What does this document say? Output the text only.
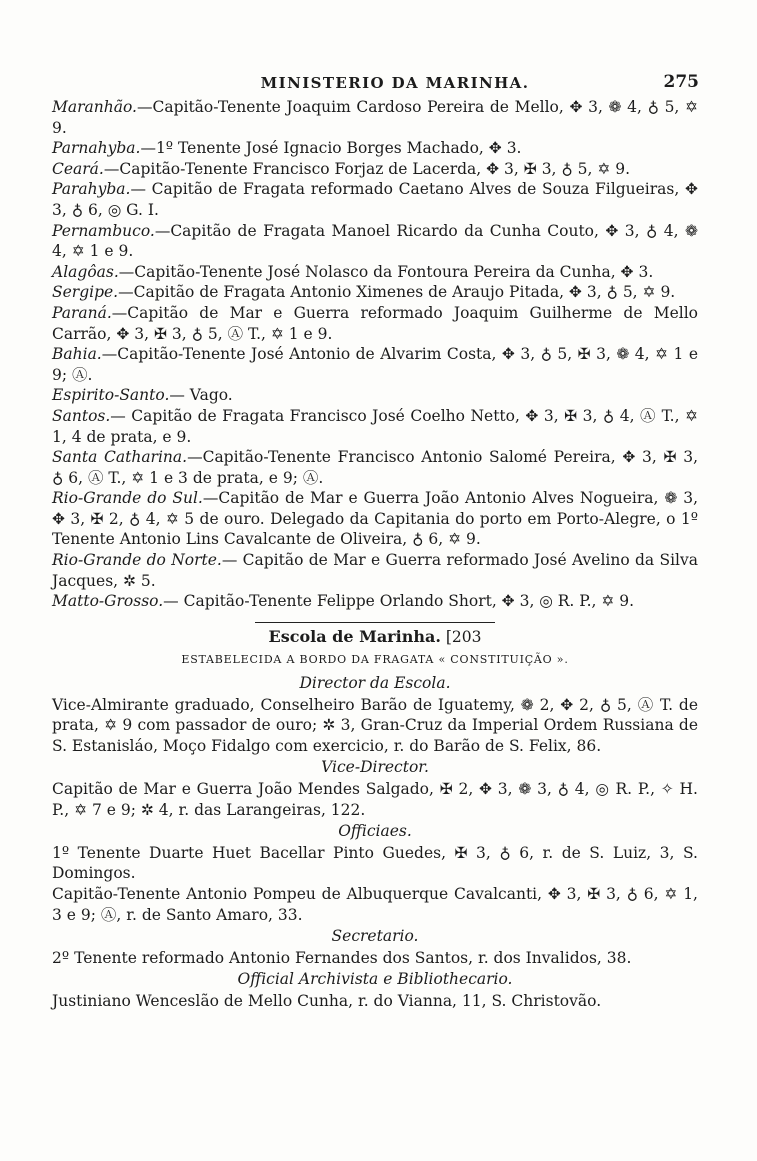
MINISTERIO DA MARINHA.	275

Maranhão.—Capitão-Tenente Joaquim Cardoso Pereira de Mello, ✥ 3, ❁ 4, ♁ 5, ✡ 9.

Parnahyba.—1º Tenente José Ignacio Borges Machado, ✥ 3.

Ceará.—Capitão-Tenente Francisco Forjaz de Lacerda, ✥ 3, ✠ 3, ♁ 5, ✡ 9.

Parahyba.— Capitão de Fragata reformado Caetano Alves de Souza Filgueiras, ✥ 3, ♁ 6, ◎ G. I.

Pernambuco.—Capitão de Fragata Manoel Ricardo da Cunha Couto, ✥ 3, ♁ 4, ❁ 4, ✡ 1 e 9.

Alagôas.—Capitão-Tenente José Nolasco da Fontoura Pereira da Cunha, ✥ 3.

Sergipe.—Capitão de Fragata Antonio Ximenes de Araujo Pitada, ✥ 3, ♁ 5, ✡ 9.

Paraná.—Capitão de Mar e Guerra reformado Joaquim Guilherme de Mello Carrão, ✥ 3, ✠ 3, ♁ 5, Ⓐ T., ✡ 1 e 9.

Bahia.—Capitão-Tenente José Antonio de Alvarim Costa, ✥ 3, ♁ 5, ✠ 3, ❁ 4, ✡ 1 e 9; Ⓐ.

Espirito-Santo.— Vago.

Santos.— Capitão de Fragata Francisco José Coelho Netto, ✥ 3, ✠ 3, ♁ 4, Ⓐ T., ✡ 1, 4 de prata, e 9.

Santa Catharina.—Capitão-Tenente Francisco Antonio Salomé Pereira, ✥ 3, ✠ 3, ♁ 6, Ⓐ T., ✡ 1 e 3 de prata, e 9; Ⓐ.

Rio-Grande do Sul.—Capitão de Mar e Guerra João Antonio Alves Nogueira, ❁ 3, ✥ 3, ✠ 2, ♁ 4, ✡ 5 de ouro. Delegado da Capitania do porto em Porto-Alegre, o 1º Tenente Antonio Lins Cavalcante de Oliveira, ♁ 6, ✡ 9.

Rio-Grande do Norte.— Capitão de Mar e Guerra reformado José Avelino da Silva Jacques, ✲ 5.

Matto-Grosso.— Capitão-Tenente Felippe Orlando Short, ✥ 3, ◎ R. P., ✡ 9.

Escola de Marinha. [203
ESTABELECIDA A BORDO DA FRAGATA « CONSTITUIÇÃO ».
Director da Escola.

Vice-Almirante graduado, Conselheiro Barão de Iguatemy, ❁ 2, ✥ 2, ♁ 5, Ⓐ T. de prata, ✡ 9 com passador de ouro; ✲ 3, Gran-Cruz da Imperial Ordem Russiana de S. Estanisláo, Moço Fidalgo com exercicio, r. do Barão de S. Felix, 86.

Vice-Director.

Capitão de Mar e Guerra João Mendes Salgado, ✠ 2, ✥ 3, ❁ 3, ♁ 4, ◎ R. P., ✧ H. P., ✡ 7 e 9; ✲ 4, r. das Larangeiras, 122.

Officiaes.

1º Tenente Duarte Huet Bacellar Pinto Guedes, ✠ 3, ♁ 6, r. de S. Luiz, 3, S. Domingos.

Capitão-Tenente Antonio Pompeu de Albuquerque Cavalcanti, ✥ 3, ✠ 3, ♁ 6, ✡ 1, 3 e 9; Ⓐ, r. de Santo Amaro, 33.

Secretario.

2º Tenente reformado Antonio Fernandes dos Santos, r. dos Invalidos, 38.

Official Archivista e Bibliothecario.

Justiniano Wenceslão de Mello Cunha, r. do Vianna, 11, S. Christovão.
